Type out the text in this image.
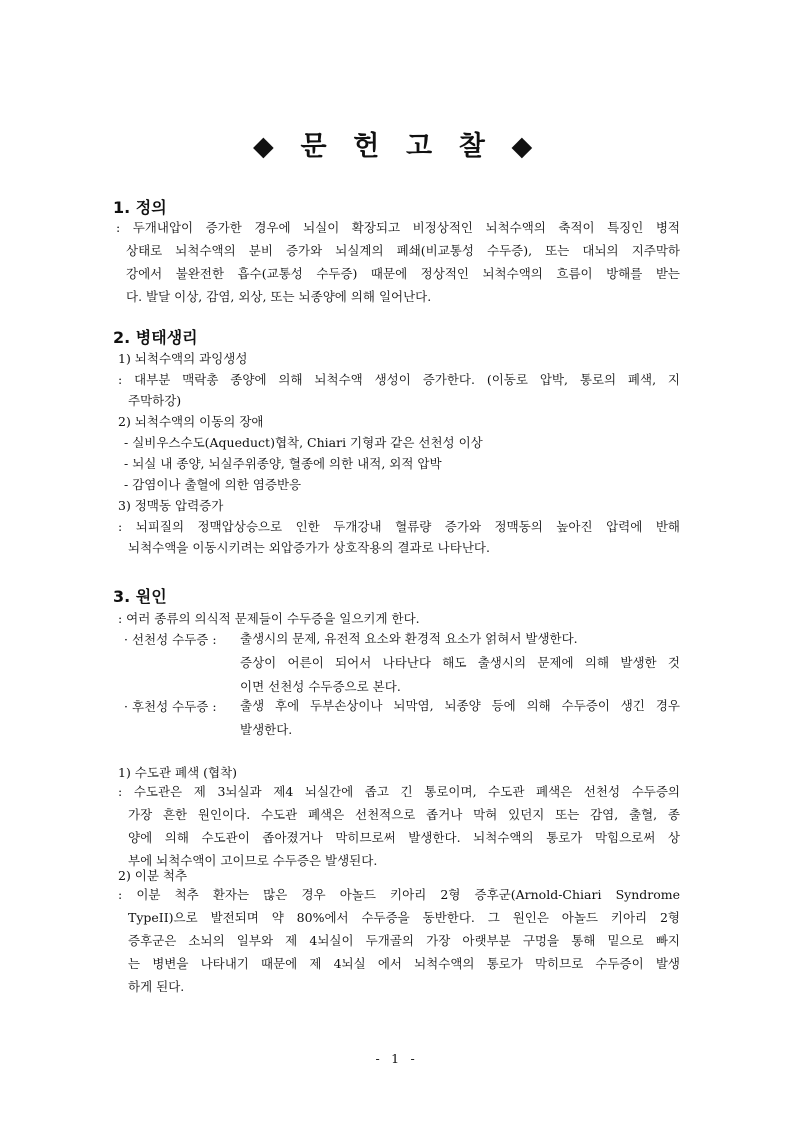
◆ 문 헌 고 찰 ◆
1. 정의
: 두개내압이 증가한 경우에 뇌실이 확장되고 비정상적인 뇌척수액의 축적이 특징인 병적
상태로 뇌척수액의 분비 증가와 뇌실계의 폐쇄(비교통성 수두증), 또는 대뇌의 지주막하
강에서 불완전한 흡수(교통성 수두증) 때문에 정상적인 뇌척수액의 흐름이 방해를 받는
다. 발달 이상, 감염, 외상, 또는 뇌종양에 의해 일어난다.
2. 병태생리
1) 뇌척수액의 과잉생성
: 대부분 맥락총 종양에 의해 뇌척수액 생성이 증가한다. (이동로 압박, 통로의 폐색, 지
주막하강)
2) 뇌척수액의 이동의 장애
- 실비우스수도(Aqueduct)협착, Chiari 기형과 같은 선천성 이상
- 뇌실 내 종양, 뇌실주위종양, 혈종에 의한 내적, 외적 압박
- 감염이나 출혈에 의한 염증반응
3) 정맥동 압력증가
: 뇌피질의 정맥압상승으로 인한 두개강내 혈류량 증가와 정맥동의 높아진 압력에 반해
뇌척수액을 이동시키려는 외압증가가 상호작용의 결과로 나타난다.
3. 원인
: 여러 종류의 의식적 문제들이 수두증을 일으키게 한다.
· 선천성 수두증 : 출생시의 문제, 유전적 요소와 환경적 요소가 얽혀서 발생한다.
증상이 어른이 되어서 나타난다 해도 출생시의 문제에 의해 발생한 것
이면 선천성 수두증으로 본다.
· 후천성 수두증 : 출생 후에 두부손상이나 뇌막염, 뇌종양 등에 의해 수두증이 생긴 경우
발생한다.
1) 수도관 폐색 (협착)
: 수도관은 제 3뇌실과 제4 뇌실간에 좁고 긴 통로이며, 수도관 폐색은 선천성 수두증의
가장 흔한 원인이다. 수도관 폐색은 선천적으로 좁거나 막혀 있던지 또는 감염, 출혈, 종
양에 의해 수도관이 좁아졌거나 막히므로써 발생한다. 뇌척수액의 통로가 막힘으로써 상
부에 뇌척수액이 고이므로 수두증은 발생된다.
2) 이분 척추
: 이분 척추 환자는 많은 경우 아놀드 키아리 2형 증후군(Arnold-Chiari Syndrome
TypeII)으로 발전되며 약 80%에서 수두증을 동반한다. 그 원인은 아놀드 키아리 2형
증후군은 소뇌의 일부와 제 4뇌실이 두개골의 가장 아랫부분 구멍을 통해 밑으로 빠지
는 병변을 나타내기 때문에 제 4뇌실 에서 뇌척수액의 통로가 막히므로 수두증이 발생
하게 된다.
- 1 -
